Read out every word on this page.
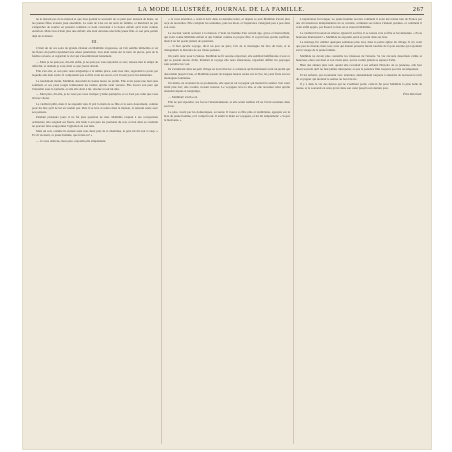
LA MODE ILLUSTRÉE, JOURNAL DE LA FAMILLE.	267

ne le laissait pas de la maison et que Lisa gardait le souvenir de ce petit parc entouré de haies, où les jeunes filles avaient joué ensemble. Le nom de Lisa est un nom de famille, et Reichard ne put s'empêcher de sourire en pensant combien ce nom convenait à la douce enfant qu'il avait connue autrefois. Mais Lisa n'était plus une enfant; elle était devenue une belle jeune fille, et son père parlait déjà de la marier.

III.

C'était un de ces soirs de grande chaleur où Mathilde s'oppresse, où l'air semble immobile et où les fleurs du jardin répandent une odeur pénétrante. Lisa était assise sur le banc de pierre, près de la fenêtre ouverte, et regardait le ciel qui s'assombrissait lentement.

— Mais je ne puis pas, dit-elle enfin, je ne puis pas vous répondre ce soir; laissez-moi le temps de réfléchir, et demain je vous dirai ce que j'aurai décidé.

Elle s'en alla, et son père resta longtemps à la même place, sans rien dire, regardant la porte par laquelle elle était sortie. Il comprenait que sa fille avait un secret, et il n'osait pas le lui demander.

Le lendemain matin, Mathilde descendit de bonne heure au jardin. Elle avait passé une nuit sans sommeil, et ses yeux rougis trahissaient les larmes qu'elle avait versées. Elle trouva son père qui l'attendait sous la tonnelle, et elle alla droit à lui, résolue à tout lui dire.

— Mon père, dit-elle, je ne veux pas vous tromper; j'aime quelqu'un, et ce n'est pas celui que vous m'avez choisi.

Le vieillard pâlit, mais il ne répondit rien. Il prit la main de sa fille et la serra doucement, comme pour lui dire qu'il ne lui en voulait pas. Puis il se leva et rentra dans la maison, la laissant seule avec ses pensées.

Pendant plusieurs jours il ne fut plus question de rien. Mathilde vaquait à ses occupations ordinaires; elle soignait ses fleurs, elle lisait à son père les journaux du soir, et rien dans sa conduite ne pouvait faire soupçonner l'agitation de son âme.

Mais un soir, comme ils étaient assis tous deux près de la cheminée, le père lui dit tout à coup: « Et s'il revenait, ce jeune homme, que ferais-tu? »

— Je vous obéirais, mon père, répondit-elle simplement.

« Je vous attendrai, » avait-il écrit dans sa dernière lettre, et depuis ce jour Mathilde n'avait plus reçu de nouvelles. Elle comptait les semaines, puis les mois, et l'espérance s'éteignait peu à peu dans son cœur.

Le docteur venait souvent à la maison. C'était un homme d'un certain âge, grave et bienveillant, qui avait connu Mathilde enfant et qui l'aimait comme sa propre fille. Il voyait bien qu'elle souffrait, mais il ne lui posait jamais de questions.

— Il faut qu'elle voyage, dit-il un jour au père; l'air de la montagne lui fera du bien, et le changement la distraira de ses tristes pensées.

On partit donc pour la Suisse. Mathilde ne fit aucune objection; elle semblait indifférente à tout ce qui se passait autour d'elle. Pendant le voyage elle resta silencieuse, regardant défiler les paysages sans paraître les voir.

Ils s'arrêtèrent dans un petit village au bord d'un lac. La maison qu'ils habitaient avait un jardin qui descendait jusqu'à l'eau, et Mathilde passait de longues heures assise sur la rive, les yeux fixés sur les montagnes lointaines.

Un matin, en revenant de sa promenade, elle aperçut un voyageur qui montait le sentier. Son cœur battit plus fort; elle s'arrêta, n'osant avancer. Le voyageur leva la tête, et elle reconnut celui qu'elle attendait depuis si longtemps.

— Mathilde! s'écria-t-il.

Elle ne put répondre; ses forces l'abandonnèrent, et elle serait tombée s'il ne l'avait soutenue dans ses bras.

Le père, averti par les domestiques, accourut. Il trouva sa fille pâle et tremblante, appuyée sur le bras du jeune homme, et il comprit tout. Il tendit la main au voyageur, et lui dit simplement: « Soyez le bienvenu. »

L'explication fut longue. Le jeune homme raconta comment il avait été retenu loin de France par des circonstances indépendantes de sa volonté, comment ses lettres s'étaient perdues, et comment il avait enfin appris, par hasard, le lieu où se trouvait Mathilde.

Le vieillard l'écoutait en silence. Quand il eut fini, il se tourna vers sa fille et lui demanda: « Es-tu heureuse maintenant? » Mathilde ne répondit qu'en se jetant dans ses bras.

Le mariage fut célébré quelques semaines plus tard, dans la petite église du village. Il n'y avait que peu de monde, mais tous ceux qui étaient présents furent touchés de la joie sereine qui rayonnait sur le visage de la jeune femme.

Mathilde ne devait plus connaître les tristesses de l'attente. Sa vie s'écoula désormais calme et heureuse, entre son mari et son vieux père, qui ne voulut jamais se séparer d'elle.

Bien des années plus tard, quand elle racontait à ses enfants l'histoire de sa jeunesse, elle leur disait souvent qu'il ne faut jamais désespérer, et que la patience finit toujours par être récompensée.

Et les enfants, qui écoutaient avec attention, demandaient toujours à entendre de nouveau le récit du voyageur qui montait le sentier au bord du lac.

Il y a dans la vie des heures qui ne s'oublient point; celle-là fut pour Mathilde la plus belle de toutes, et le souvenir en resta gravé dans son cœur jusqu'à son dernier jour.

Élise Reichard.
